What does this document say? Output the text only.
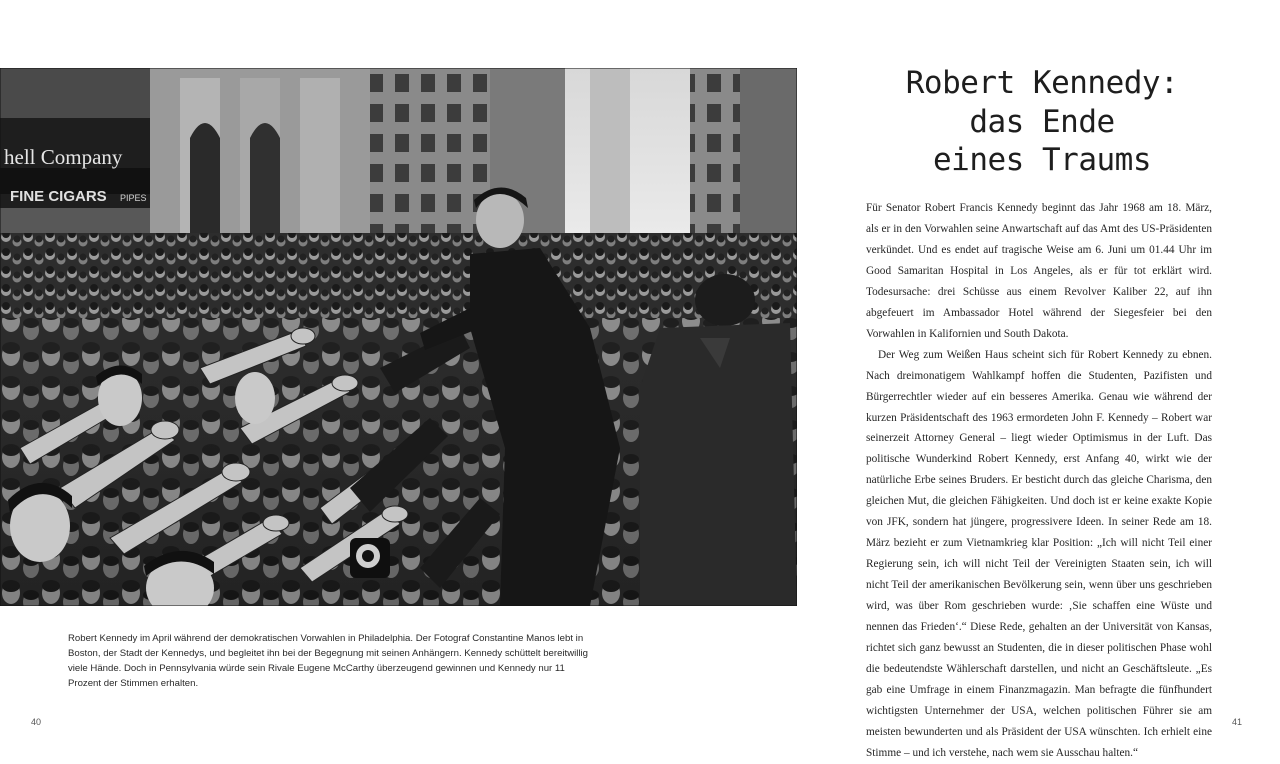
hell Company
FINE CIGARS PIPES

Robert Kennedy im April während der demokratischen Vorwahlen in Philadelphia. Der Fotograf Constantine Manos lebt in Boston, der Stadt der Kennedys, und begleitet ihn bei der Begegnung mit seinen Anhängern. Kennedy schüttelt bereitwillig viele Hände. Doch in Pennsylvania würde sein Rivale Eugene McCarthy überzeugend gewinnen und Kennedy nur 11 Prozent der Stimmen erhalten.

40	41
Robert Kennedy:
das Ende
eines Traums

Für Senator Robert Francis Kennedy beginnt das Jahr 1968 am 18. März, als er in den Vorwahlen seine Anwartschaft auf das Amt des US-Präsidenten verkündet. Und es endet auf tragische Weise am 6. Juni um 01.44 Uhr im Good Samaritan Hospital in Los Angeles, als er für tot erklärt wird. Todesursache: drei Schüsse aus einem Revolver Kaliber 22, auf ihn abgefeuert im Ambassador Hotel während der Siegesfeier bei den Vorwahlen in Kalifornien und South Dakota.

Der Weg zum Weißen Haus scheint sich für Robert Kennedy zu ebnen. Nach dreimonatigem Wahlkampf hoffen die Studenten, Pazifisten und Bürgerrechtler wieder auf ein besseres Amerika. Genau wie während der kurzen Präsidentschaft des 1963 ermordeten John F. Kennedy – Robert war seinerzeit Attorney General – liegt wieder Optimismus in der Luft. Das politische Wunderkind Robert Kennedy, erst Anfang 40, wirkt wie der natürliche Erbe seines Bruders. Er besticht durch das gleiche Charisma, den gleichen Mut, die gleichen Fähigkeiten. Und doch ist er keine exakte Kopie von JFK, sondern hat jüngere, progressivere Ideen. In seiner Rede am 18. März bezieht er zum Vietnamkrieg klar Position: „Ich will nicht Teil einer Regierung sein, ich will nicht Teil der Vereinigten Staaten sein, ich will nicht Teil der amerikanischen Bevölkerung sein, wenn über uns geschrieben wird, was über Rom geschrieben wurde: ‚Sie schaffen eine Wüste und nennen das Frieden‘.“ Diese Rede, gehalten an der Universität von Kansas, richtet sich ganz bewusst an Studenten, die in dieser politischen Phase wohl die bedeutendste Wählerschaft darstellen, und nicht an Geschäftsleute. „Es gab eine Umfrage in einem Finanzmagazin. Man befragte die fünfhundert wichtigsten Unternehmer der USA, welchen politischen Führer sie am meisten bewunderten und als Präsident der USA wünschten. Ich erhielt eine Stimme – und ich verstehe, nach wem sie Ausschau halten.“
